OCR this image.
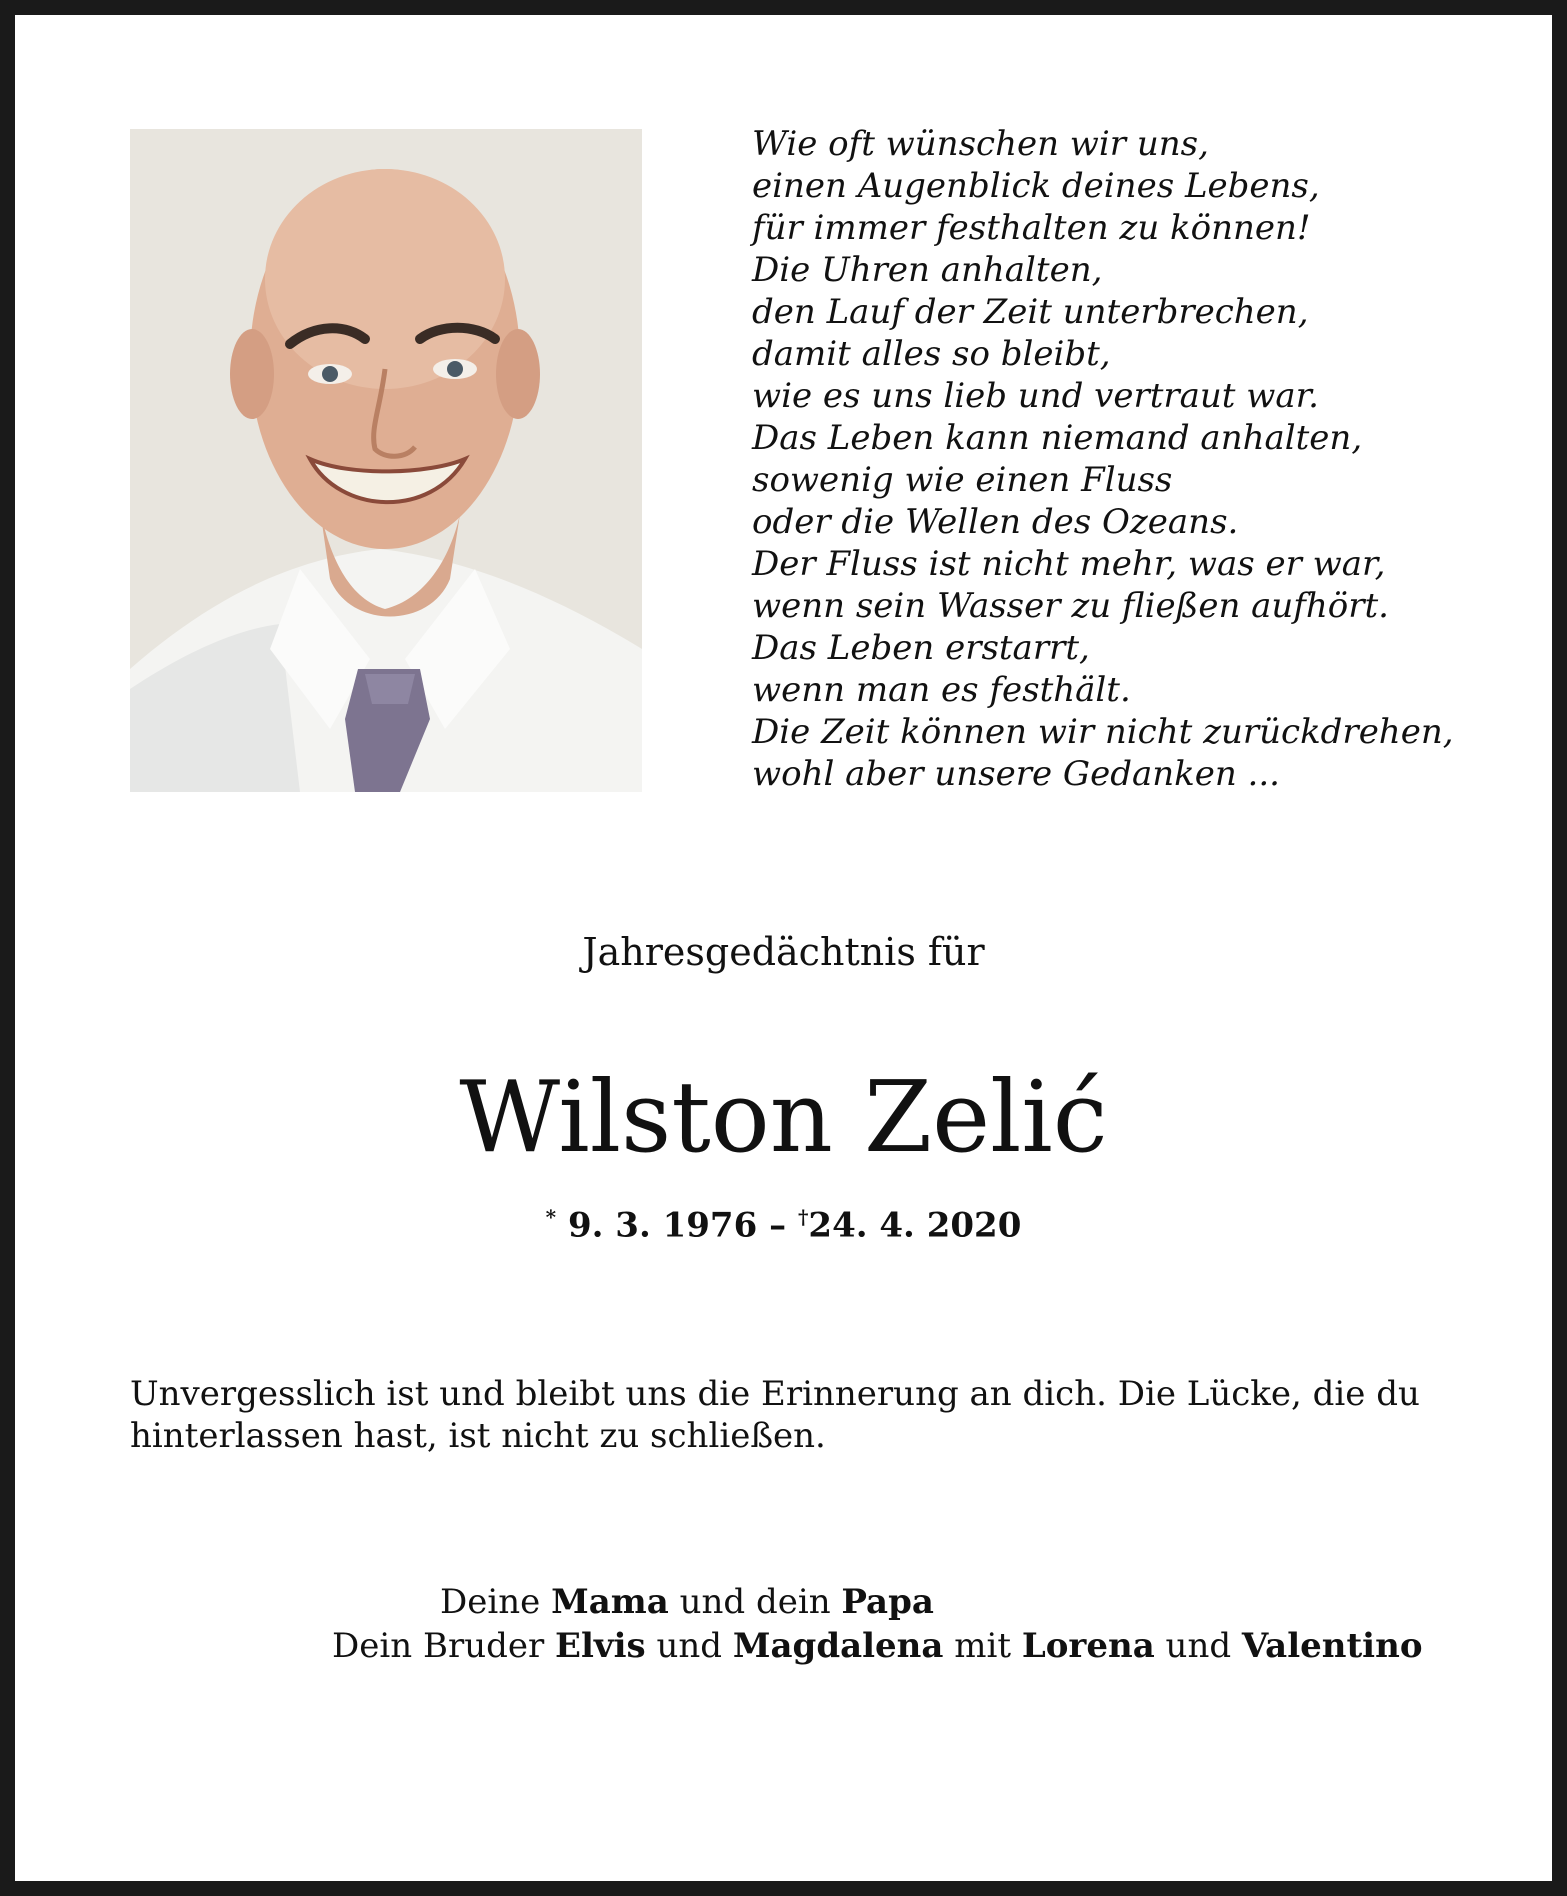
Wie oft wünschen wir uns,
einen Augenblick deines Lebens,
für immer festhalten zu können!
Die Uhren anhalten,
den Lauf der Zeit unterbrechen,
damit alles so bleibt,
wie es uns lieb und vertraut war.
Das Leben kann niemand anhalten,
sowenig wie einen Fluss
oder die Wellen des Ozeans.
Der Fluss ist nicht mehr, was er war,
wenn sein Wasser zu fließen aufhört.
Das Leben erstarrt,
wenn man es festhält.
Die Zeit können wir nicht zurückdrehen,
wohl aber unsere Gedanken ...
Jahresgedächtnis für
Wilston Zelić
* 9. 3. 1976 – †24. 4. 2020
Unvergesslich ist und bleibt uns die Erinnerung an dich. Die Lücke, die du hinterlassen hast, ist nicht zu schließen.
Deine Mama und dein Papa
Dein Bruder Elvis und Magdalena mit Lorena und Valentino
